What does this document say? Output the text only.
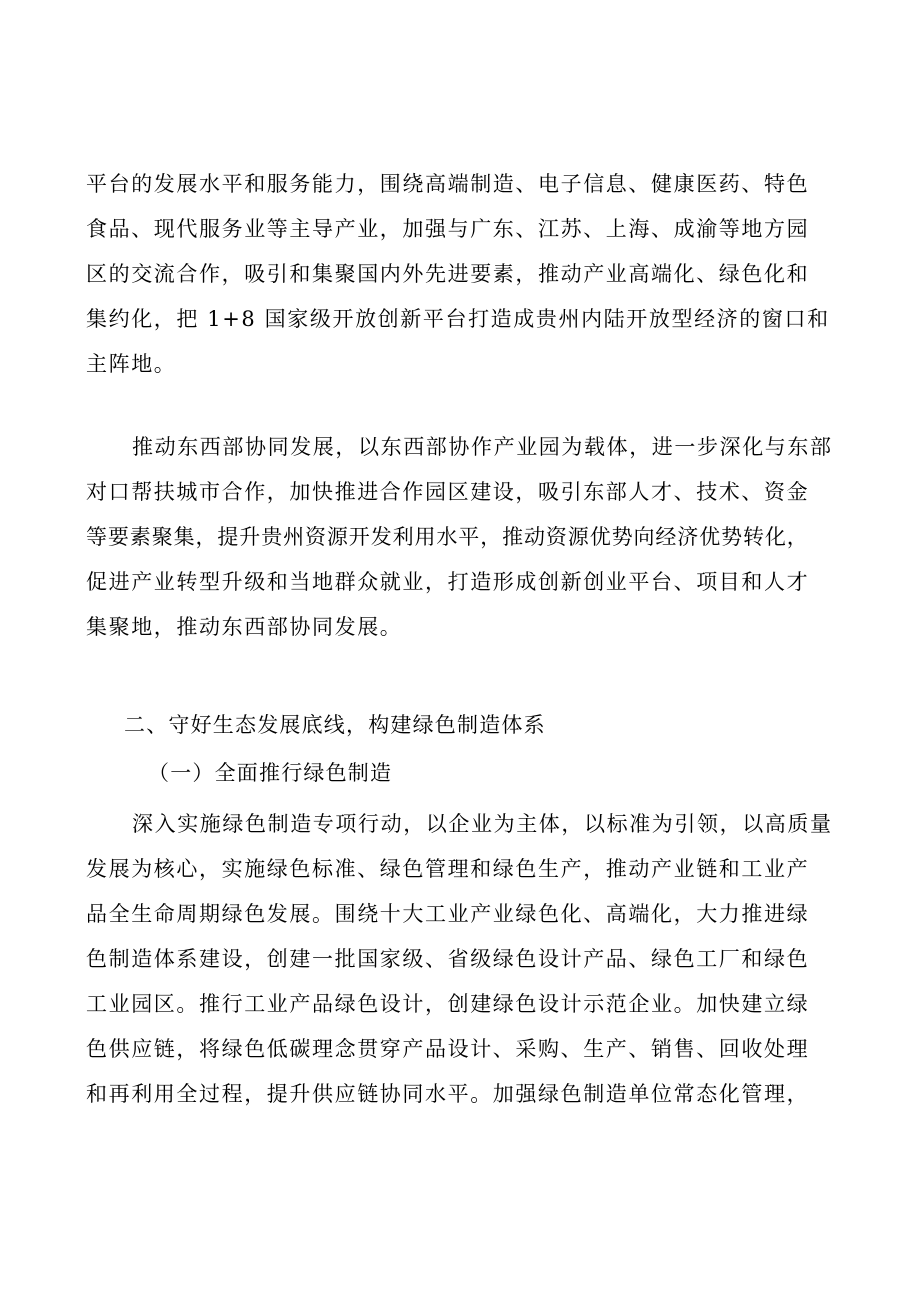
平台的发展水平和服务能力，围绕高端制造、电子信息、健康医药、特色
食品、现代服务业等主导产业，加强与广东、江苏、上海、成渝等地方园
区的交流合作，吸引和集聚国内外先进要素，推动产业高端化、绿色化和
集约化，把 1+8 国家级开放创新平台打造成贵州内陆开放型经济的窗口和
主阵地。
推动东西部协同发展，以东西部协作产业园为载体，进一步深化与东部
对口帮扶城市合作，加快推进合作园区建设，吸引东部人才、技术、资金
等要素聚集，提升贵州资源开发利用水平，推动资源优势向经济优势转化，
促进产业转型升级和当地群众就业，打造形成创新创业平台、项目和人才
集聚地，推动东西部协同发展。

二、守好生态发展底线，构建绿色制造体系

（一）全面推行绿色制造

深入实施绿色制造专项行动，以企业为主体，以标准为引领，以高质量
发展为核心，实施绿色标准、绿色管理和绿色生产，推动产业链和工业产
品全生命周期绿色发展。围绕十大工业产业绿色化、高端化，大力推进绿
色制造体系建设，创建一批国家级、省级绿色设计产品、绿色工厂和绿色
工业园区。推行工业产品绿色设计，创建绿色设计示范企业。加快建立绿
色供应链，将绿色低碳理念贯穿产品设计、采购、生产、销售、回收处理
和再利用全过程，提升供应链协同水平。加强绿色制造单位常态化管理，
